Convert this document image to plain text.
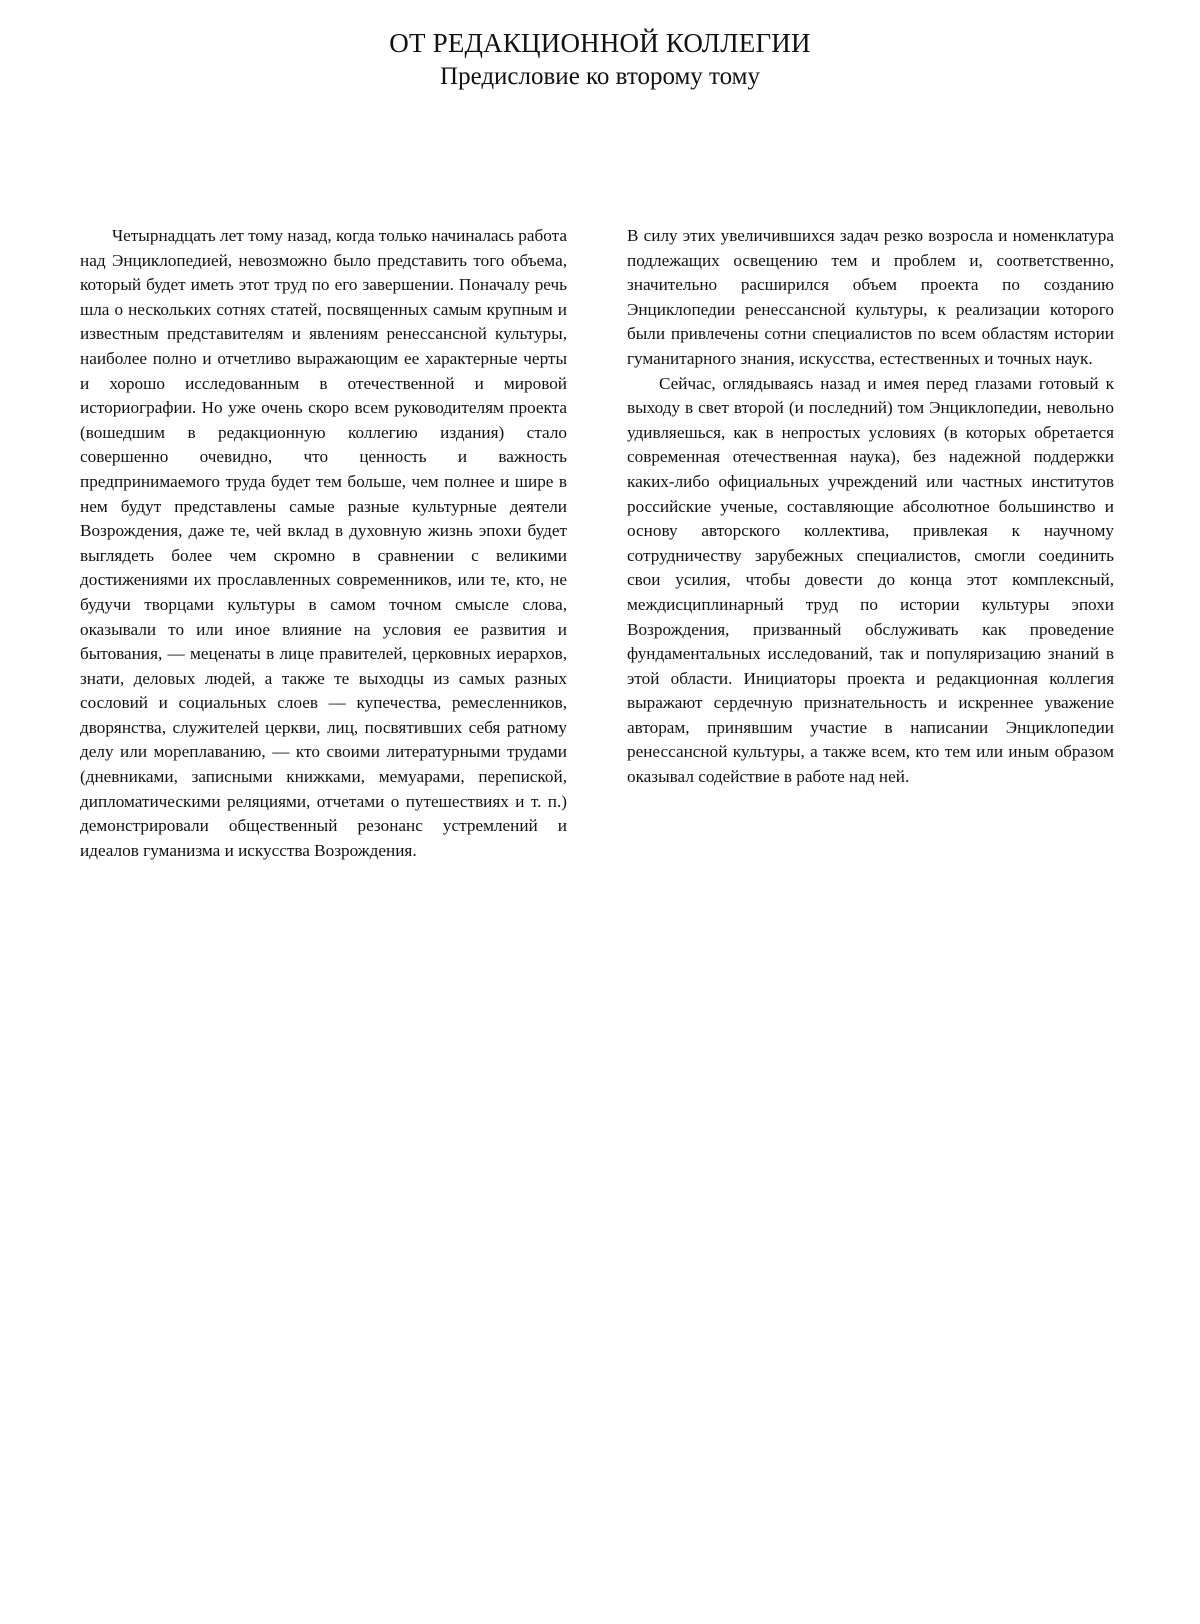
ОТ РЕДАКЦИОННОЙ КОЛЛЕГИИ
Предисловие ко второму тому

Четырнадцать лет тому назад, когда только начиналась работа над Энциклопедией, невозможно было представить того объема, который будет иметь этот труд по его завершении. Поначалу речь шла о нескольких сотнях статей, посвященных самым крупным и известным представителям и явлениям ренессансной культуры, наиболее полно и отчетливо выражающим ее характерные черты и хорошо исследованным в отечественной и мировой историографии. Но уже очень скоро всем руководителям проекта (вошедшим в редакционную коллегию издания) стало совершенно очевидно, что ценность и важность предпринимаемого труда будет тем больше, чем полнее и шире в нем будут представлены самые разные культурные деятели Возрождения, даже те, чей вклад в духовную жизнь эпохи будет выглядеть более чем скромно в сравнении с великими достижениями их прославленных современников, или те, кто, не будучи творцами культуры в самом точном смысле слова, оказывали то или иное влияние на условия ее развития и бытования, — меценаты в лице правителей, церковных иерархов, знати, деловых людей, а также те выходцы из самых разных сословий и социальных слоев — купечества, ремесленников, дворянства, служителей церкви, лиц, посвятивших себя ратному делу или мореплаванию, — кто своими литературными трудами (дневниками, записными книжками, мемуарами, перепиской, дипломатическими реляциями, отчетами о путешествиях и т. п.) демонстрировали общественный резонанс устремлений и идеалов гуманизма и искусства Возрождения.

В силу этих увеличившихся задач резко возросла и номенклатура подлежащих освещению тем и проблем и, соответственно, значительно расширился объем проекта по созданию Энциклопедии ренессансной культуры, к реализации которого были привлечены сотни специалистов по всем областям истории гуманитарного знания, искусства, естественных и точных наук.

Сейчас, оглядываясь назад и имея перед глазами готовый к выходу в свет второй (и последний) том Энциклопедии, невольно удивляешься, как в непростых условиях (в которых обретается современная отечественная наука), без надежной поддержки каких-либо официальных учреждений или частных институтов российские ученые, составляющие абсолютное большинство и основу авторского коллектива, привлекая к научному сотрудничеству зарубежных специалистов, смогли соединить свои усилия, чтобы довести до конца этот комплексный, междисциплинарный труд по истории культуры эпохи Возрождения, призванный обслуживать как проведение фундаментальных исследований, так и популяризацию знаний в этой области. Инициаторы проекта и редакционная коллегия выражают сердечную признательность и искреннее уважение авторам, принявшим участие в написании Энциклопедии ренессансной культуры, а также всем, кто тем или иным образом оказывал содействие в работе над ней.
